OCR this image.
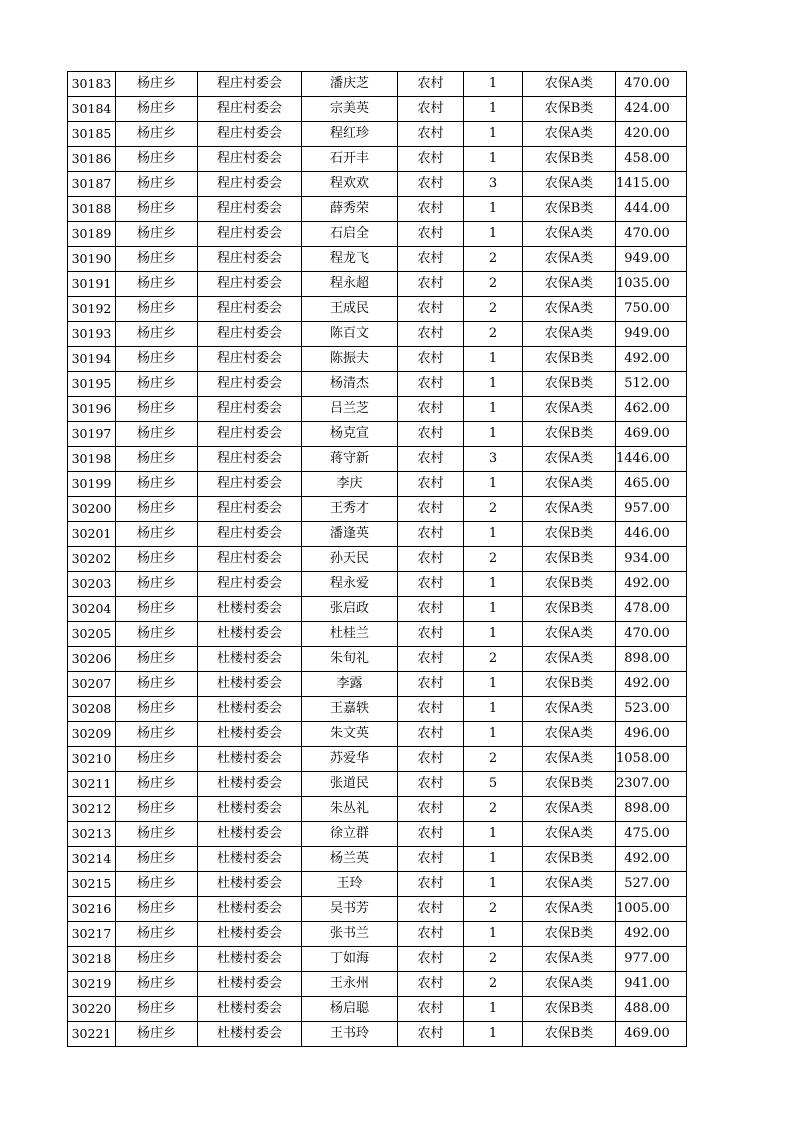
30183	杨庄乡	程庄村委会	潘庆芝	农村	1	农保A类	470.00
30184	杨庄乡	程庄村委会	宗美英	农村	1	农保B类	424.00
30185	杨庄乡	程庄村委会	程红珍	农村	1	农保A类	420.00
30186	杨庄乡	程庄村委会	石开丰	农村	1	农保B类	458.00
30187	杨庄乡	程庄村委会	程欢欢	农村	3	农保A类	1415.00
30188	杨庄乡	程庄村委会	薛秀荣	农村	1	农保B类	444.00
30189	杨庄乡	程庄村委会	石启全	农村	1	农保A类	470.00
30190	杨庄乡	程庄村委会	程龙飞	农村	2	农保A类	949.00
30191	杨庄乡	程庄村委会	程永超	农村	2	农保A类	1035.00
30192	杨庄乡	程庄村委会	王成民	农村	2	农保A类	750.00
30193	杨庄乡	程庄村委会	陈百文	农村	2	农保A类	949.00
30194	杨庄乡	程庄村委会	陈振夫	农村	1	农保B类	492.00
30195	杨庄乡	程庄村委会	杨清杰	农村	1	农保B类	512.00
30196	杨庄乡	程庄村委会	吕兰芝	农村	1	农保A类	462.00
30197	杨庄乡	程庄村委会	杨克宣	农村	1	农保B类	469.00
30198	杨庄乡	程庄村委会	蒋守新	农村	3	农保A类	1446.00
30199	杨庄乡	程庄村委会	李庆	农村	1	农保A类	465.00
30200	杨庄乡	程庄村委会	王秀才	农村	2	农保A类	957.00
30201	杨庄乡	程庄村委会	潘逢英	农村	1	农保B类	446.00
30202	杨庄乡	程庄村委会	孙天民	农村	2	农保B类	934.00
30203	杨庄乡	程庄村委会	程永爱	农村	1	农保B类	492.00
30204	杨庄乡	杜楼村委会	张启政	农村	1	农保B类	478.00
30205	杨庄乡	杜楼村委会	杜桂兰	农村	1	农保A类	470.00
30206	杨庄乡	杜楼村委会	朱旬礼	农村	2	农保A类	898.00
30207	杨庄乡	杜楼村委会	李露	农村	1	农保B类	492.00
30208	杨庄乡	杜楼村委会	王嘉轶	农村	1	农保A类	523.00
30209	杨庄乡	杜楼村委会	朱文英	农村	1	农保A类	496.00
30210	杨庄乡	杜楼村委会	苏爱华	农村	2	农保A类	1058.00
30211	杨庄乡	杜楼村委会	张道民	农村	5	农保B类	2307.00
30212	杨庄乡	杜楼村委会	朱丛礼	农村	2	农保A类	898.00
30213	杨庄乡	杜楼村委会	徐立群	农村	1	农保A类	475.00
30214	杨庄乡	杜楼村委会	杨兰英	农村	1	农保B类	492.00
30215	杨庄乡	杜楼村委会	王玲	农村	1	农保A类	527.00
30216	杨庄乡	杜楼村委会	吴书芳	农村	2	农保A类	1005.00
30217	杨庄乡	杜楼村委会	张书兰	农村	1	农保B类	492.00
30218	杨庄乡	杜楼村委会	丁如海	农村	2	农保A类	977.00
30219	杨庄乡	杜楼村委会	王永州	农村	2	农保A类	941.00
30220	杨庄乡	杜楼村委会	杨启聪	农村	1	农保B类	488.00
30221	杨庄乡	杜楼村委会	王书玲	农村	1	农保B类	469.00
